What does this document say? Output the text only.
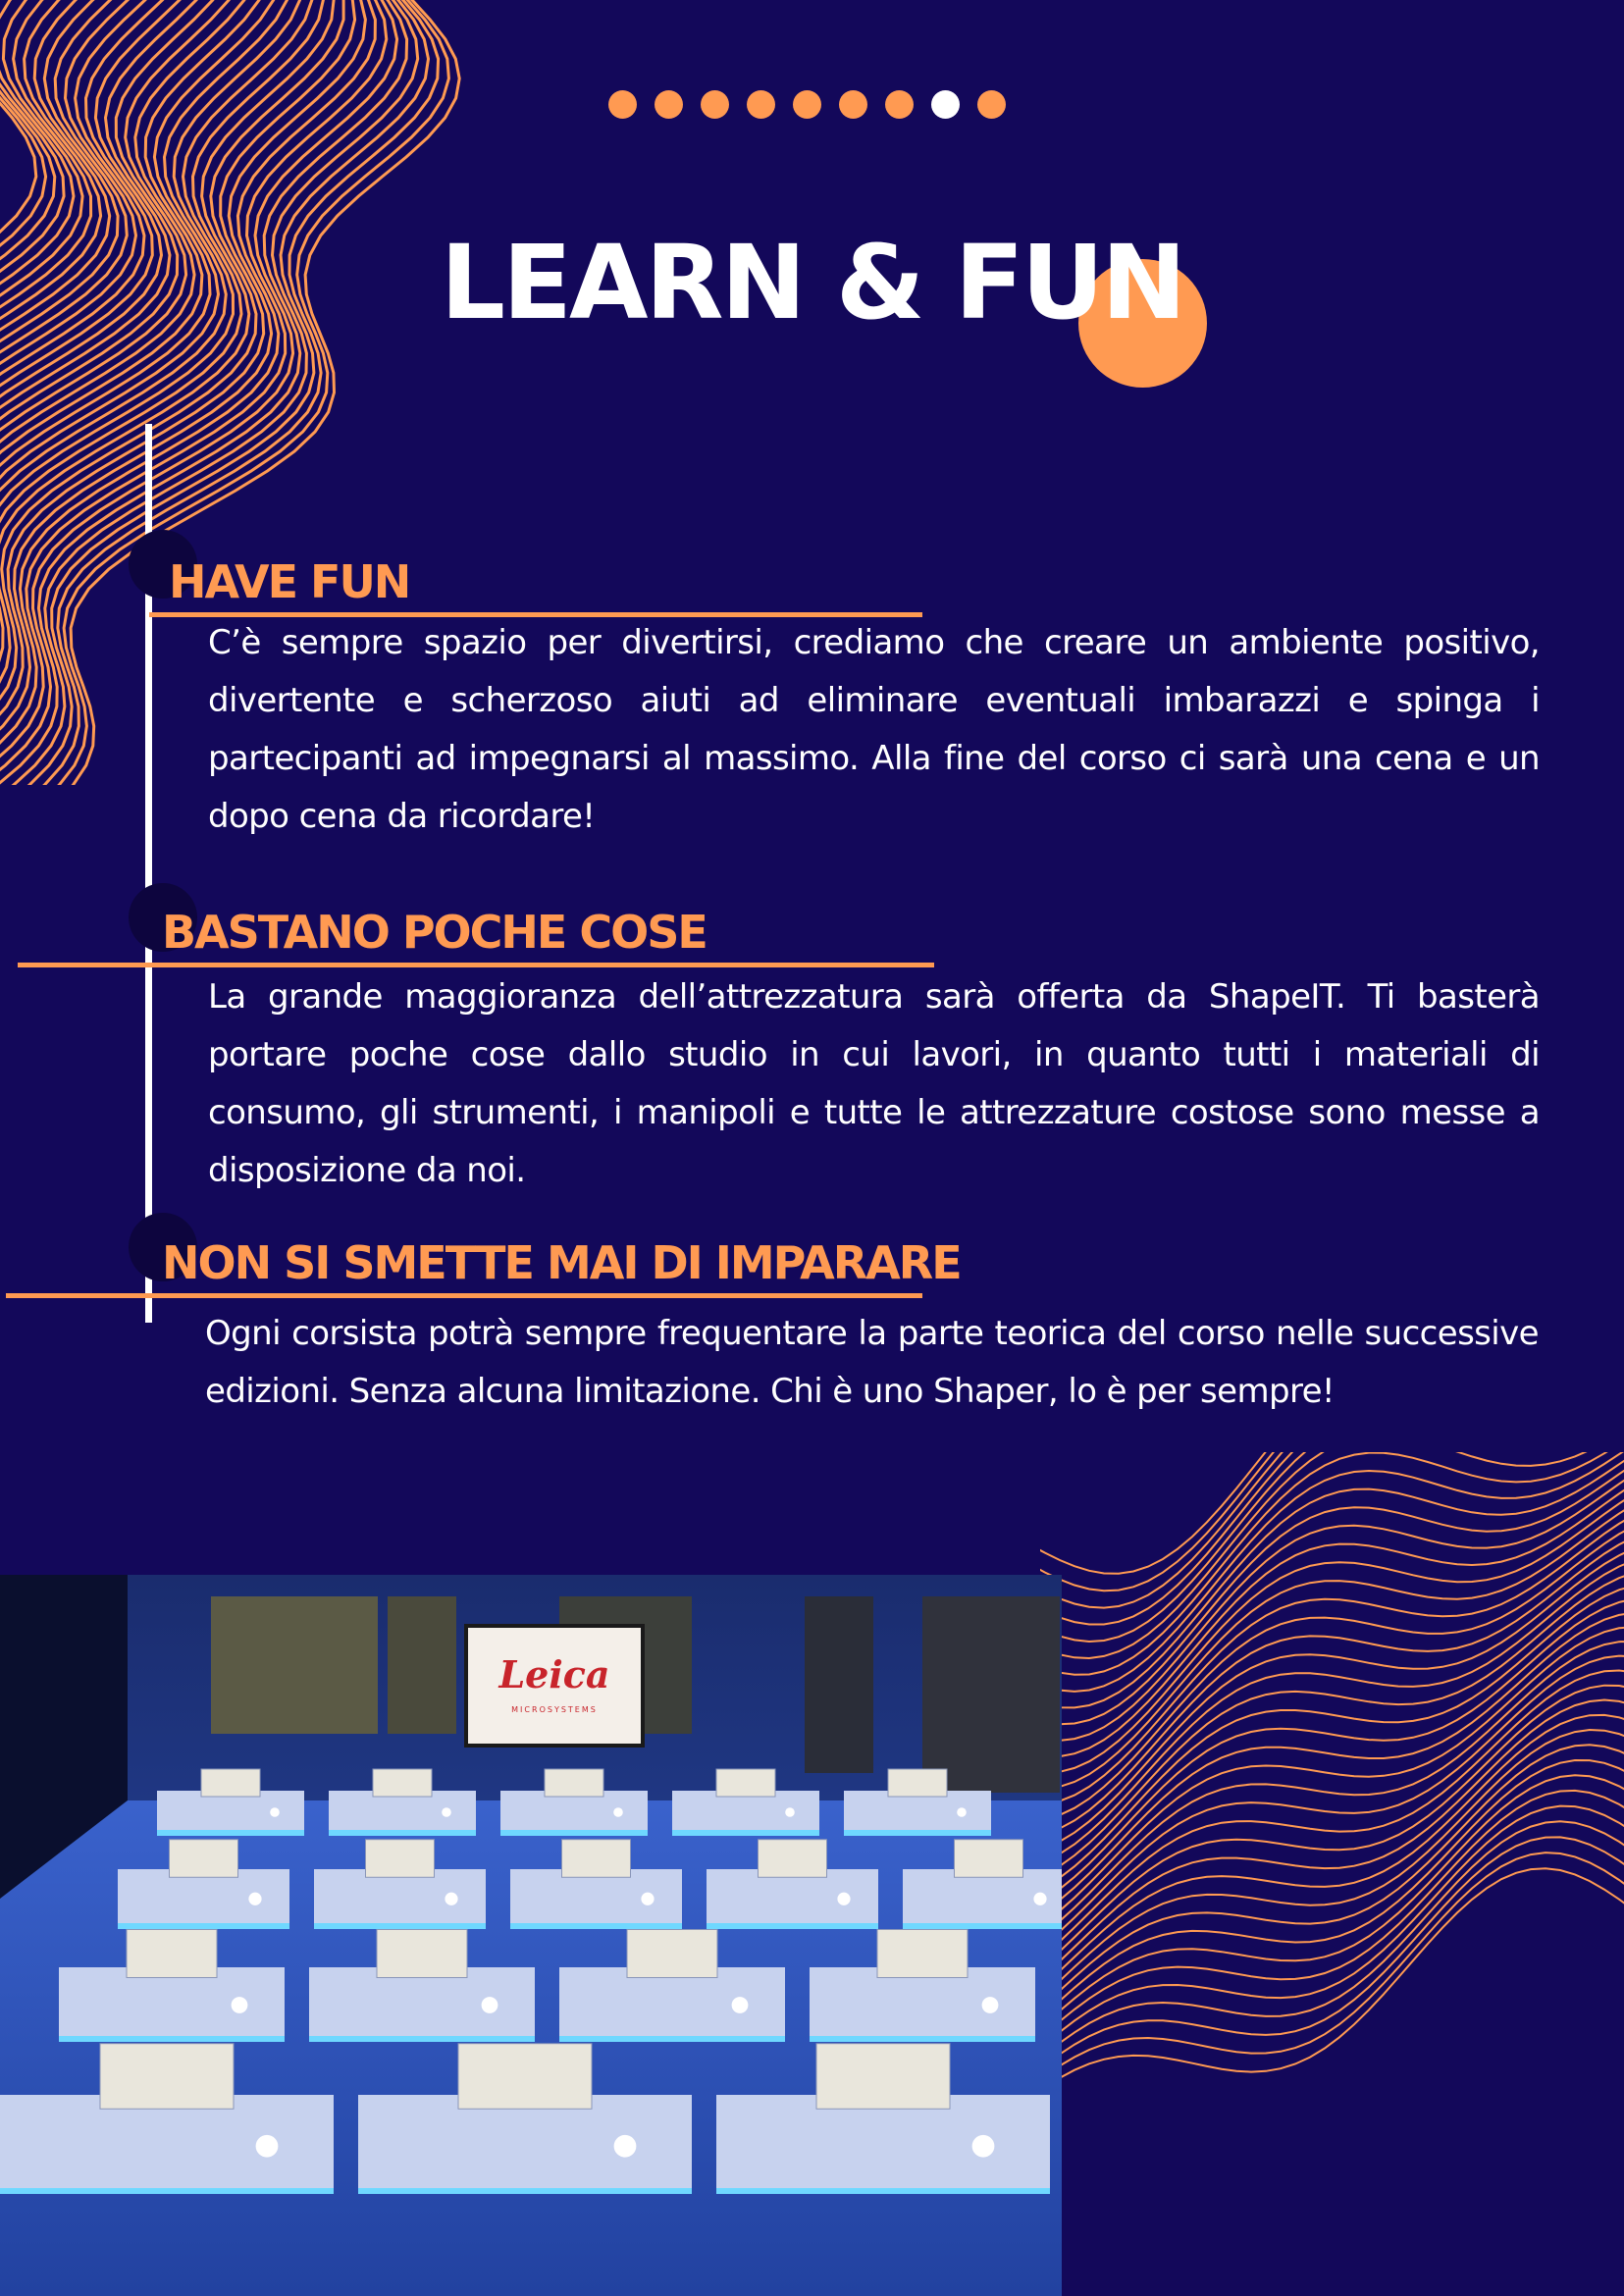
LEARN & FUN
HAVE FUN

C’è sempre spazio per divertirsi, crediamo che creare un ambiente positivo, divertente e scherzoso aiuti ad eliminare eventuali imbarazzi e spinga i partecipanti ad impegnarsi al massimo. Alla fine del corso ci sarà una cena e un dopo cena da ricordare!

BASTANO POCHE COSE

La grande maggioranza dell’attrezzatura sarà offerta da ShapeIT. Ti basterà portare poche cose dallo studio in cui lavori, in quanto tutti i materiali di consumo, gli strumenti, i manipoli e tutte le attrezzature costose sono messe a disposizione da noi.

NON SI SMETTE MAI DI IMPARARE

Ogni corsista potrà sempre frequentare la parte teorica del corso nelle successive edizioni. Senza alcuna limitazione. Chi è uno Shaper, lo è per sempre!

Leica
MICROSYSTEMS
